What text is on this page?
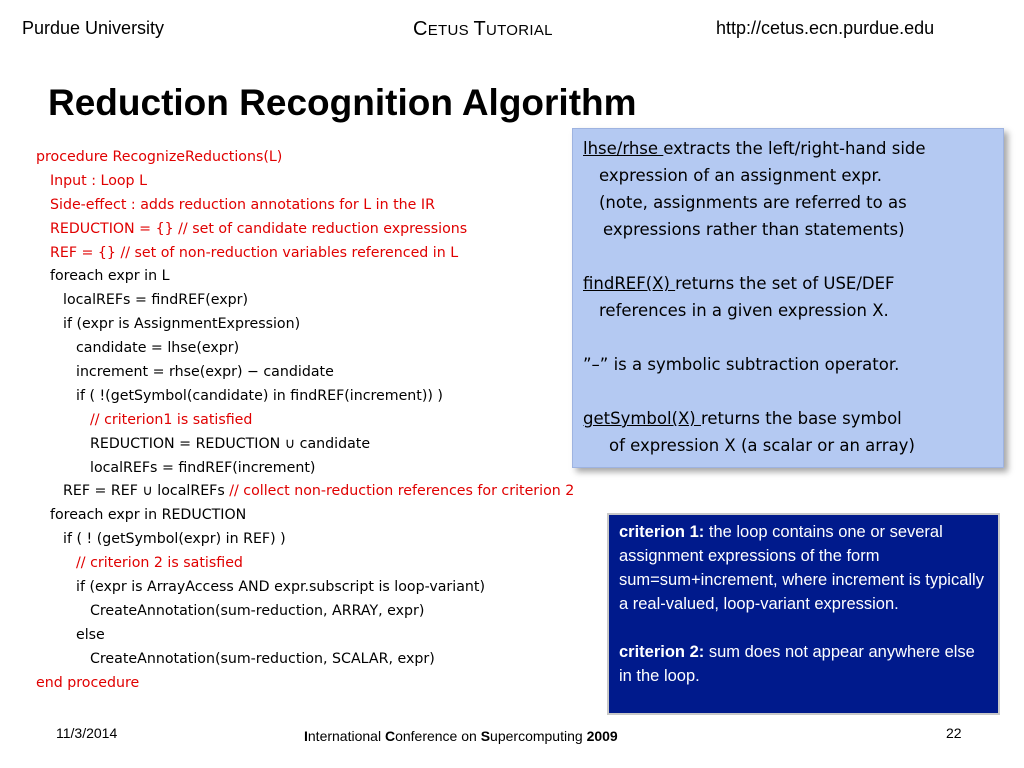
Purdue University	CETUS TUTORIAL	http://cetus.ecn.purdue.edu
Reduction Recognition Algorithm
procedure RecognizeReductions(L)
Input : Loop L
Side-effect : adds reduction annotations for L in the IR
REDUCTION = {} // set of candidate reduction expressions
REF = {} // set of non-reduction variables referenced in L
foreach expr in L
localREFs = findREF(expr)
if (expr is AssignmentExpression)
candidate = lhse(expr)
increment = rhse(expr) − candidate
if ( !(getSymbol(candidate) in findREF(increment)) )
// criterion1 is satisfied
REDUCTION = REDUCTION ∪ candidate
localREFs = findREF(increment)
REF = REF ∪ localREFs // collect non-reduction references for criterion 2
foreach expr in REDUCTION
if ( ! (getSymbol(expr) in REF) )
// criterion 2 is satisfied
if (expr is ArrayAccess AND expr.subscript is loop-variant)
CreateAnnotation(sum-reduction, ARRAY, expr)
else
CreateAnnotation(sum-reduction, SCALAR, expr)
end procedure

lhse/rhse extracts the left/right-hand side

expression of an assignment expr.

(note, assignments are referred to as

expressions rather than statements)

findREF(X) returns the set of USE/DEF

references in a given expression X.

”–” is a symbolic subtraction operator.

getSymbol(X) returns the base symbol

of expression X (a scalar or an array)

criterion 1: the loop contains one or several assignment expressions of the form sum=sum+increment, where increment is typically a real-valued, loop-variant expression.

criterion 2: sum does not appear anywhere else in the loop.

11/3/2014	International Conference on Supercomputing 2009	22
